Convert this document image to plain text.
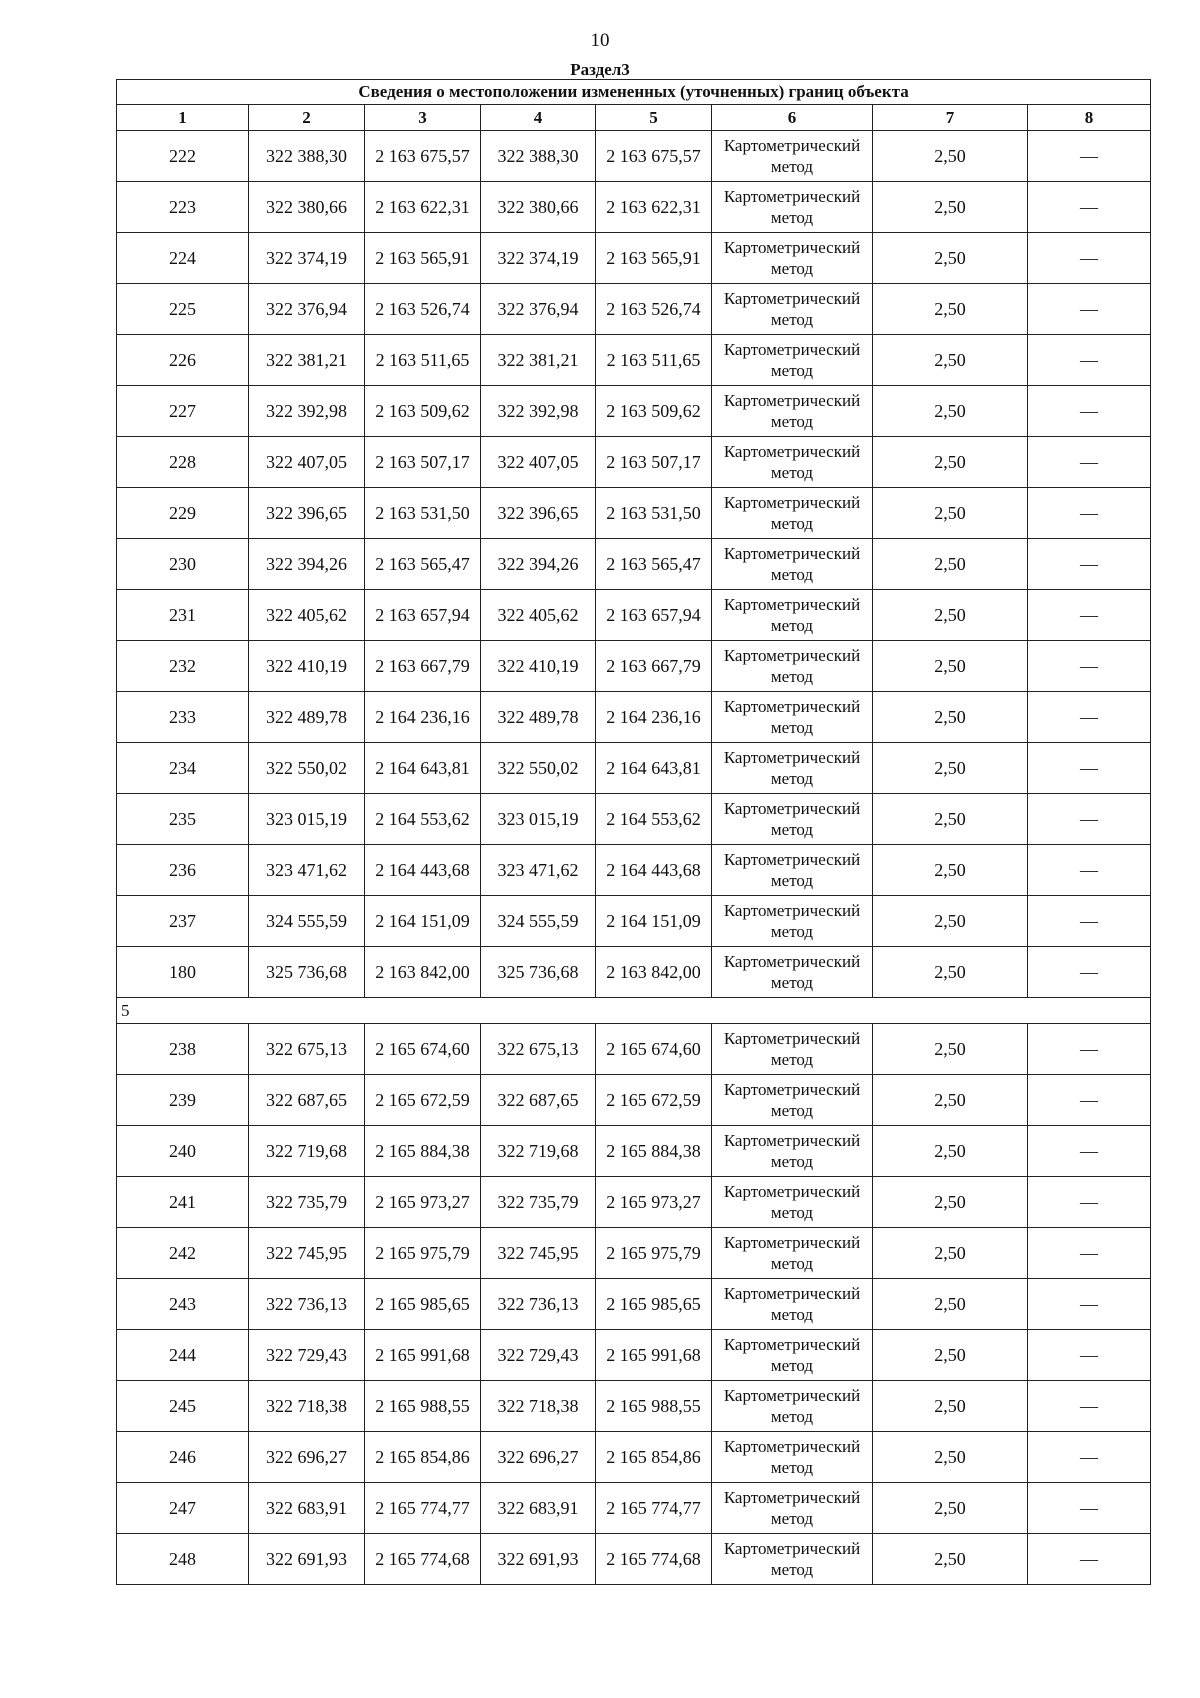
10
Раздел3
Сведения о местоположении измененных (уточненных) границ объекта							
1	2	3	4	5	6	7	8
222	322 388,30	2 163 675,57	322 388,30	2 163 675,57	Картометрический метод	2,50	—
223	322 380,66	2 163 622,31	322 380,66	2 163 622,31	Картометрический метод	2,50	—
224	322 374,19	2 163 565,91	322 374,19	2 163 565,91	Картометрический метод	2,50	—
225	322 376,94	2 163 526,74	322 376,94	2 163 526,74	Картометрический метод	2,50	—
226	322 381,21	2 163 511,65	322 381,21	2 163 511,65	Картометрический метод	2,50	—
227	322 392,98	2 163 509,62	322 392,98	2 163 509,62	Картометрический метод	2,50	—
228	322 407,05	2 163 507,17	322 407,05	2 163 507,17	Картометрический метод	2,50	—
229	322 396,65	2 163 531,50	322 396,65	2 163 531,50	Картометрический метод	2,50	—
230	322 394,26	2 163 565,47	322 394,26	2 163 565,47	Картометрический метод	2,50	—
231	322 405,62	2 163 657,94	322 405,62	2 163 657,94	Картометрический метод	2,50	—
232	322 410,19	2 163 667,79	322 410,19	2 163 667,79	Картометрический метод	2,50	—
233	322 489,78	2 164 236,16	322 489,78	2 164 236,16	Картометрический метод	2,50	—
234	322 550,02	2 164 643,81	322 550,02	2 164 643,81	Картометрический метод	2,50	—
235	323 015,19	2 164 553,62	323 015,19	2 164 553,62	Картометрический метод	2,50	—
236	323 471,62	2 164 443,68	323 471,62	2 164 443,68	Картометрический метод	2,50	—
237	324 555,59	2 164 151,09	324 555,59	2 164 151,09	Картометрический метод	2,50	—
180	325 736,68	2 163 842,00	325 736,68	2 163 842,00	Картометрический метод	2,50	—
5							
238	322 675,13	2 165 674,60	322 675,13	2 165 674,60	Картометрический метод	2,50	—
239	322 687,65	2 165 672,59	322 687,65	2 165 672,59	Картометрический метод	2,50	—
240	322 719,68	2 165 884,38	322 719,68	2 165 884,38	Картометрический метод	2,50	—
241	322 735,79	2 165 973,27	322 735,79	2 165 973,27	Картометрический метод	2,50	—
242	322 745,95	2 165 975,79	322 745,95	2 165 975,79	Картометрический метод	2,50	—
243	322 736,13	2 165 985,65	322 736,13	2 165 985,65	Картометрический метод	2,50	—
244	322 729,43	2 165 991,68	322 729,43	2 165 991,68	Картометрический метод	2,50	—
245	322 718,38	2 165 988,55	322 718,38	2 165 988,55	Картометрический метод	2,50	—
246	322 696,27	2 165 854,86	322 696,27	2 165 854,86	Картометрический метод	2,50	—
247	322 683,91	2 165 774,77	322 683,91	2 165 774,77	Картометрический метод	2,50	—
248	322 691,93	2 165 774,68	322 691,93	2 165 774,68	Картометрический метод	2,50	—
